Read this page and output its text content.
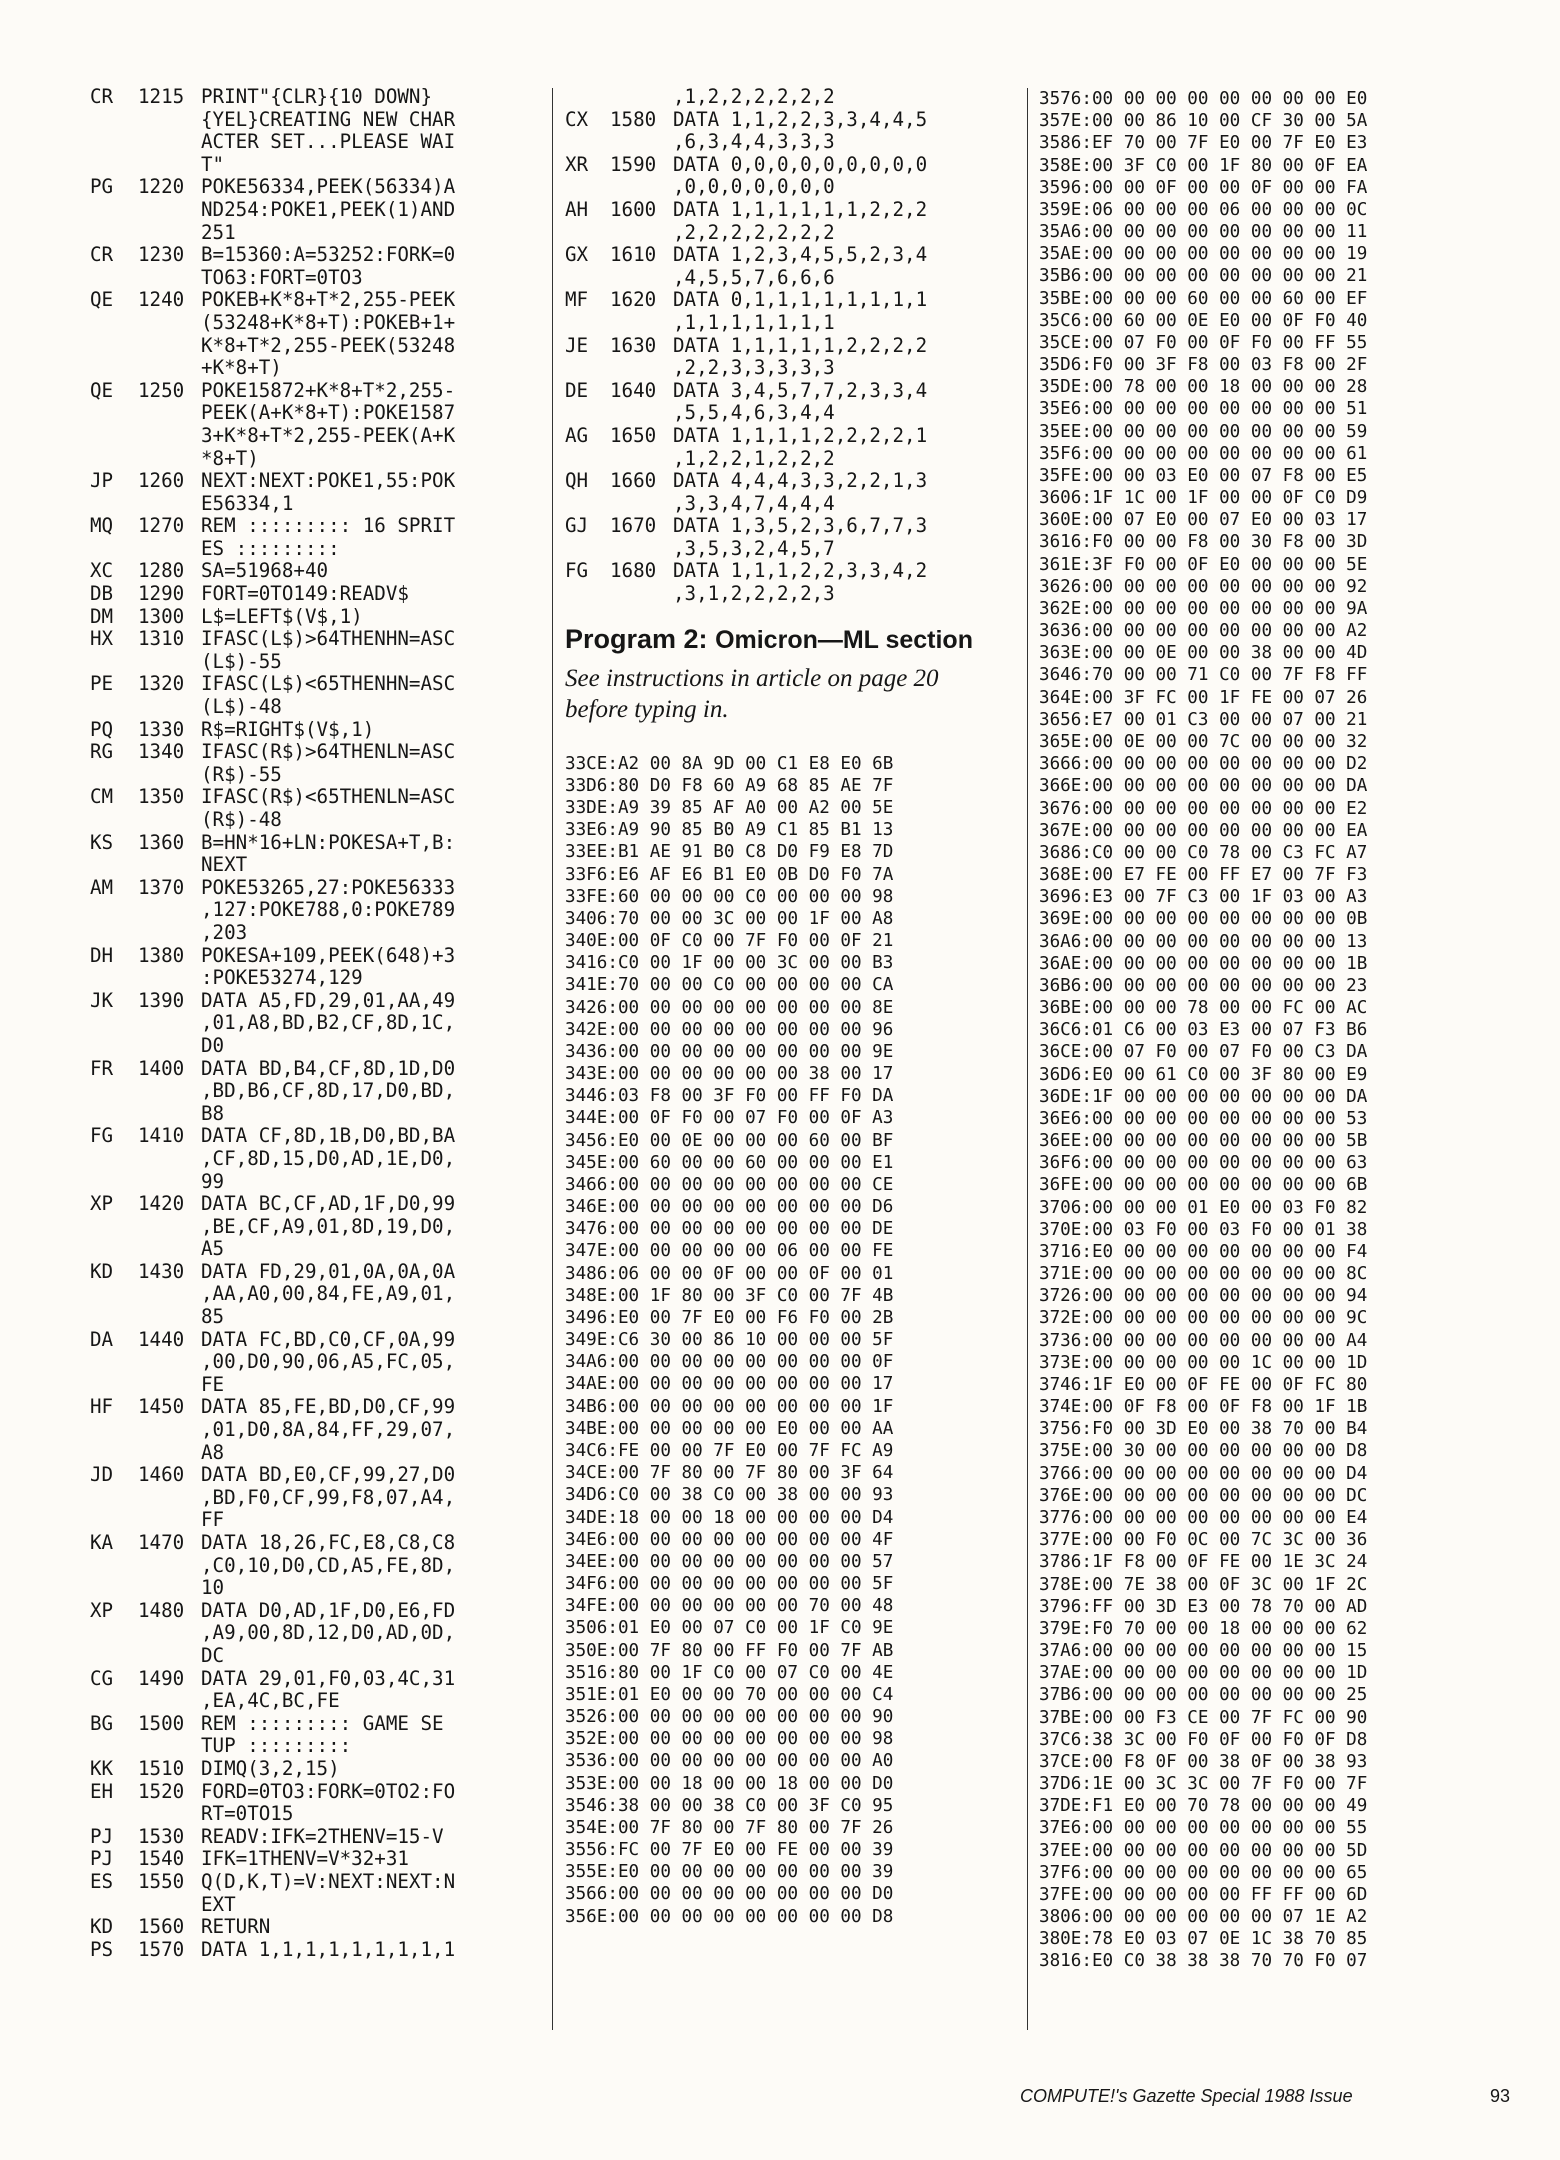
CR	1215 PRINT"{CLR}{10 DOWN}
{YEL}CREATING NEW CHAR
ACTER SET...PLEASE WAI
T"
PG	1220 POKE56334,PEEK(56334)A
ND254:POKE1,PEEK(1)AND
251
CR	1230 B=15360:A=53252:FORK=0
TO63:FORT=0TO3
QE	1240 POKEB+K*8+T*2,255-PEEK
(53248+K*8+T):POKEB+1+
K*8+T*2,255-PEEK(53248
+K*8+T)
QE	1250 POKE15872+K*8+T*2,255-
PEEK(A+K*8+T):POKE1587
3+K*8+T*2,255-PEEK(A+K
*8+T)
JP	1260 NEXT:NEXT:POKE1,55:POK
E56334,1
MQ	1270 REM ::::::::: 16 SPRIT
ES :::::::::
XC	1280 SA=51968+40
DB	1290 FORT=0TO149:READV$
DM	1300 L$=LEFT$(V$,1)
HX	1310 IFASC(L$)>64THENHN=ASC
(L$)-55
PE	1320 IFASC(L$)<65THENHN=ASC
(L$)-48
PQ	1330 R$=RIGHT$(V$,1)
RG	1340 IFASC(R$)>64THENLN=ASC
(R$)-55
CM	1350 IFASC(R$)<65THENLN=ASC
(R$)-48
KS	1360 B=HN*16+LN:POKESA+T,B:
NEXT
AM	1370 POKE53265,27:POKE56333
,127:POKE788,0:POKE789
,203
DH	1380 POKESA+109,PEEK(648)+3
:POKE53274,129
JK	1390 DATA A5,FD,29,01,AA,49
,01,A8,BD,B2,CF,8D,1C,
D0
FR	1400 DATA BD,B4,CF,8D,1D,D0
,BD,B6,CF,8D,17,D0,BD,
B8
FG	1410 DATA CF,8D,1B,D0,BD,BA
,CF,8D,15,D0,AD,1E,D0,
99
XP	1420 DATA BC,CF,AD,1F,D0,99
,BE,CF,A9,01,8D,19,D0,
A5
KD	1430 DATA FD,29,01,0A,0A,0A
,AA,A0,00,84,FE,A9,01,
85
DA	1440 DATA FC,BD,C0,CF,0A,99
,00,D0,90,06,A5,FC,05,
FE
HF	1450 DATA 85,FE,BD,D0,CF,99
,01,D0,8A,84,FF,29,07,
A8
JD	1460 DATA BD,E0,CF,99,27,D0
,BD,F0,CF,99,F8,07,A4,
FF
KA	1470 DATA 18,26,FC,E8,C8,C8
,C0,10,D0,CD,A5,FE,8D,
10
XP	1480 DATA D0,AD,1F,D0,E6,FD
,A9,00,8D,12,D0,AD,0D,
DC
CG	1490 DATA 29,01,F0,03,4C,31
,EA,4C,BC,FE
BG	1500 REM ::::::::: GAME SE
TUP :::::::::
KK	1510 DIMQ(3,2,15)
EH	1520 FORD=0TO3:FORK=0TO2:FO
RT=0TO15
PJ	1530 READV:IFK=2THENV=15-V
PJ	1540 IFK=1THENV=V*32+31
ES	1550 Q(D,K,T)=V:NEXT:NEXT:N
EXT
KD	1560 RETURN
PS	1570 DATA 1,1,1,1,1,1,1,1,1
,1,2,2,2,2,2,2
CX	1580 DATA 1,1,2,2,3,3,4,4,5
,6,3,4,4,3,3,3
XR	1590 DATA 0,0,0,0,0,0,0,0,0
,0,0,0,0,0,0,0
AH	1600 DATA 1,1,1,1,1,1,2,2,2
,2,2,2,2,2,2,2
GX	1610 DATA 1,2,3,4,5,5,2,3,4
,4,5,5,7,6,6,6
MF	1620 DATA 0,1,1,1,1,1,1,1,1
,1,1,1,1,1,1,1
JE	1630 DATA 1,1,1,1,1,2,2,2,2
,2,2,3,3,3,3,3
DE	1640 DATA 3,4,5,7,7,2,3,3,4
,5,5,4,6,3,4,4
AG	1650 DATA 1,1,1,1,2,2,2,2,1
,1,2,2,1,2,2,2
QH	1660 DATA 4,4,4,3,3,2,2,1,3
,3,3,4,7,4,4,4
GJ	1670 DATA 1,3,5,2,3,6,7,7,3
,3,5,3,2,4,5,7
FG	1680 DATA 1,1,1,2,2,3,3,4,2
,3,1,2,2,2,2,3
Program 2: Omicron—ML section
See instructions in article on page 20 before typing in.
33CE:A2 00 8A 9D 00 C1 E8 E0 6B
33D6:80 D0 F8 60 A9 68 85 AE 7F
33DE:A9 39 85 AF A0 00 A2 00 5E
33E6:A9 90 85 B0 A9 C1 85 B1 13
33EE:B1 AE 91 B0 C8 D0 F9 E8 7D
33F6:E6 AF E6 B1 E0 0B D0 F0 7A
33FE:60 00 00 00 C0 00 00 00 98
3406:70 00 00 3C 00 00 1F 00 A8
340E:00 0F C0 00 7F F0 00 0F 21
3416:C0 00 1F 00 00 3C 00 00 B3
341E:70 00 00 C0 00 00 00 00 CA
3426:00 00 00 00 00 00 00 00 8E
342E:00 00 00 00 00 00 00 00 96
3436:00 00 00 00 00 00 00 00 9E
343E:00 00 00 00 00 00 38 00 17
3446:03 F8 00 3F F0 00 FF F0 DA
344E:00 0F F0 00 07 F0 00 0F A3
3456:E0 00 0E 00 00 00 60 00 BF
345E:00 60 00 00 60 00 00 00 E1
3466:00 00 00 00 00 00 00 00 CE
346E:00 00 00 00 00 00 00 00 D6
3476:00 00 00 00 00 00 00 00 DE
347E:00 00 00 00 00 06 00 00 FE
3486:06 00 00 0F 00 00 0F 00 01
348E:00 1F 80 00 3F C0 00 7F 4B
3496:E0 00 7F E0 00 F6 F0 00 2B
349E:C6 30 00 86 10 00 00 00 5F
34A6:00 00 00 00 00 00 00 00 0F
34AE:00 00 00 00 00 00 00 00 17
34B6:00 00 00 00 00 00 00 00 1F
34BE:00 00 00 00 00 E0 00 00 AA
34C6:FE 00 00 7F E0 00 7F FC A9
34CE:00 7F 80 00 7F 80 00 3F 64
34D6:C0 00 38 C0 00 38 00 00 93
34DE:18 00 00 18 00 00 00 00 D4
34E6:00 00 00 00 00 00 00 00 4F
34EE:00 00 00 00 00 00 00 00 57
34F6:00 00 00 00 00 00 00 00 5F
34FE:00 00 00 00 00 00 70 00 48
3506:01 E0 00 07 C0 00 1F C0 9E
350E:00 7F 80 00 FF F0 00 7F AB
3516:80 00 1F C0 00 07 C0 00 4E
351E:01 E0 00 00 70 00 00 00 C4
3526:00 00 00 00 00 00 00 00 90
352E:00 00 00 00 00 00 00 00 98
3536:00 00 00 00 00 00 00 00 A0
353E:00 00 18 00 00 18 00 00 D0
3546:38 00 00 38 C0 00 3F C0 95
354E:00 7F 80 00 7F 80 00 7F 26
3556:FC 00 7F E0 00 FE 00 00 39
355E:E0 00 00 00 00 00 00 00 39
3566:00 00 00 00 00 00 00 00 D0
356E:00 00 00 00 00 00 00 00 D8
3576:00 00 00 00 00 00 00 00 E0
357E:00 00 86 10 00 CF 30 00 5A
3586:EF 70 00 7F E0 00 7F E0 E3
358E:00 3F C0 00 1F 80 00 0F EA
3596:00 00 0F 00 00 0F 00 00 FA
359E:06 00 00 00 06 00 00 00 0C
35A6:00 00 00 00 00 00 00 00 11
35AE:00 00 00 00 00 00 00 00 19
35B6:00 00 00 00 00 00 00 00 21
35BE:00 00 00 60 00 00 60 00 EF
35C6:00 60 00 0E E0 00 0F F0 40
35CE:00 07 F0 00 0F F0 00 FF 55
35D6:F0 00 3F F8 00 03 F8 00 2F
35DE:00 78 00 00 18 00 00 00 28
35E6:00 00 00 00 00 00 00 00 51
35EE:00 00 00 00 00 00 00 00 59
35F6:00 00 00 00 00 00 00 00 61
35FE:00 00 03 E0 00 07 F8 00 E5
3606:1F 1C 00 1F 00 00 0F C0 D9
360E:00 07 E0 00 07 E0 00 03 17
3616:F0 00 00 F8 00 30 F8 00 3D
361E:3F F0 00 0F E0 00 00 00 5E
3626:00 00 00 00 00 00 00 00 92
362E:00 00 00 00 00 00 00 00 9A
3636:00 00 00 00 00 00 00 00 A2
363E:00 00 0E 00 00 38 00 00 4D
3646:70 00 00 71 C0 00 7F F8 FF
364E:00 3F FC 00 1F FE 00 07 26
3656:E7 00 01 C3 00 00 07 00 21
365E:00 0E 00 00 7C 00 00 00 32
3666:00 00 00 00 00 00 00 00 D2
366E:00 00 00 00 00 00 00 00 DA
3676:00 00 00 00 00 00 00 00 E2
367E:00 00 00 00 00 00 00 00 EA
3686:C0 00 00 C0 78 00 C3 FC A7
368E:00 E7 FE 00 FF E7 00 7F F3
3696:E3 00 7F C3 00 1F 03 00 A3
369E:00 00 00 00 00 00 00 00 0B
36A6:00 00 00 00 00 00 00 00 13
36AE:00 00 00 00 00 00 00 00 1B
36B6:00 00 00 00 00 00 00 00 23
36BE:00 00 00 78 00 00 FC 00 AC
36C6:01 C6 00 03 E3 00 07 F3 B6
36CE:00 07 F0 00 07 F0 00 C3 DA
36D6:E0 00 61 C0 00 3F 80 00 E9
36DE:1F 00 00 00 00 00 00 00 DA
36E6:00 00 00 00 00 00 00 00 53
36EE:00 00 00 00 00 00 00 00 5B
36F6:00 00 00 00 00 00 00 00 63
36FE:00 00 00 00 00 00 00 00 6B
3706:00 00 00 01 E0 00 03 F0 82
370E:00 03 F0 00 03 F0 00 01 38
3716:E0 00 00 00 00 00 00 00 F4
371E:00 00 00 00 00 00 00 00 8C
3726:00 00 00 00 00 00 00 00 94
372E:00 00 00 00 00 00 00 00 9C
3736:00 00 00 00 00 00 00 00 A4
373E:00 00 00 00 00 1C 00 00 1D
3746:1F E0 00 0F FE 00 0F FC 80
374E:00 0F F8 00 0F F8 00 1F 1B
3756:F0 00 3D E0 00 38 70 00 B4
375E:00 30 00 00 00 00 00 00 D8
3766:00 00 00 00 00 00 00 00 D4
376E:00 00 00 00 00 00 00 00 DC
3776:00 00 00 00 00 00 00 00 E4
377E:00 00 F0 0C 00 7C 3C 00 36
3786:1F F8 00 0F FE 00 1E 3C 24
378E:00 7E 38 00 0F 3C 00 1F 2C
3796:FF 00 3D E3 00 78 70 00 AD
379E:F0 70 00 00 18 00 00 00 62
37A6:00 00 00 00 00 00 00 00 15
37AE:00 00 00 00 00 00 00 00 1D
37B6:00 00 00 00 00 00 00 00 25
37BE:00 00 F3 CE 00 7F FC 00 90
37C6:38 3C 00 F0 0F 00 F0 0F D8
37CE:00 F8 0F 00 38 0F 00 38 93
37D6:1E 00 3C 3C 00 7F F0 00 7F
37DE:F1 E0 00 70 78 00 00 00 49
37E6:00 00 00 00 00 00 00 00 55
37EE:00 00 00 00 00 00 00 00 5D
37F6:00 00 00 00 00 00 00 00 65
37FE:00 00 00 00 00 FF FF 00 6D
3806:00 00 00 00 00 00 07 1E A2
380E:78 E0 03 07 0E 1C 38 70 85
3816:E0 C0 38 38 38 70 70 F0 07
COMPUTE!'s Gazette Special 1988 Issue	93
